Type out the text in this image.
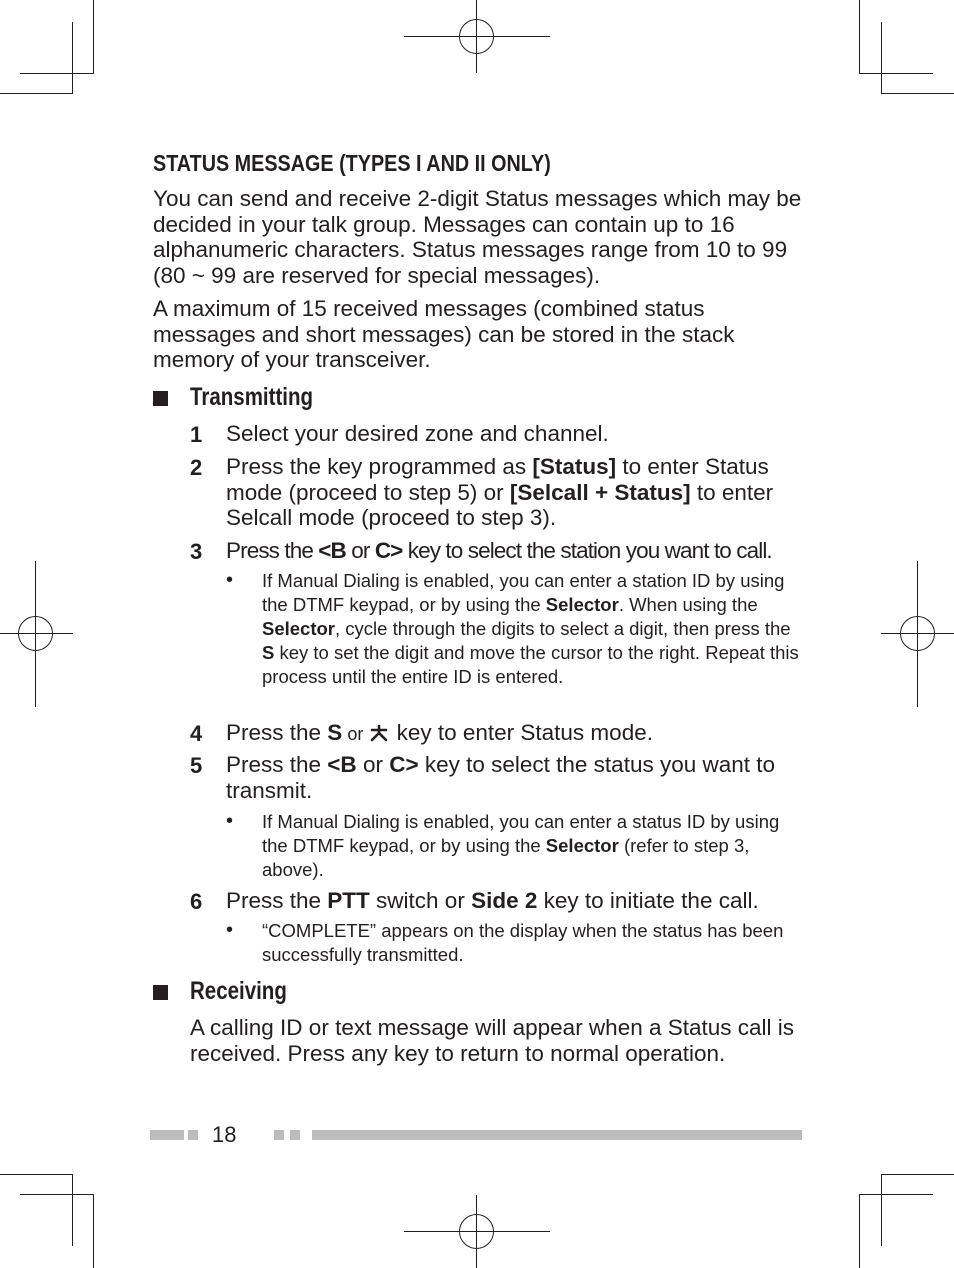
STATUS MESSAGE (TYPES I AND II ONLY)
You can send and receive 2-digit Status messages which may be decided in your talk group. Messages can contain up to 16 alphanumeric characters. Status messages range from 10 to 99 (80 ~ 99 are reserved for special messages).
A maximum of 15 received messages (combined status messages and short messages) can be stored in the stack memory of your transceiver.
Transmitting
1 Select your desired zone and channel.
2 Press the key programmed as [Status] to enter Status mode (proceed to step 5) or [Selcall + Status] to enter Selcall mode (proceed to step 3).
3 Press the <B or C> key to select the station you want to call.
• If Manual Dialing is enabled, you can enter a station ID by using the DTMF keypad, or by using the Selector. When using the Selector, cycle through the digits to select a digit, then press the S key to set the digit and move the cursor to the right. Repeat this process until the entire ID is entered.
4 Press the S or  key to enter Status mode.
5 Press the <B or C> key to select the status you want to transmit.
• If Manual Dialing is enabled, you can enter a status ID by using the DTMF keypad, or by using the Selector (refer to step 3, above).
6 Press the PTT switch or Side 2 key to initiate the call.
• “COMPLETE” appears on the display when the status has been successfully transmitted.
Receiving
A calling ID or text message will appear when a Status call is received. Press any key to return to normal operation.
18
